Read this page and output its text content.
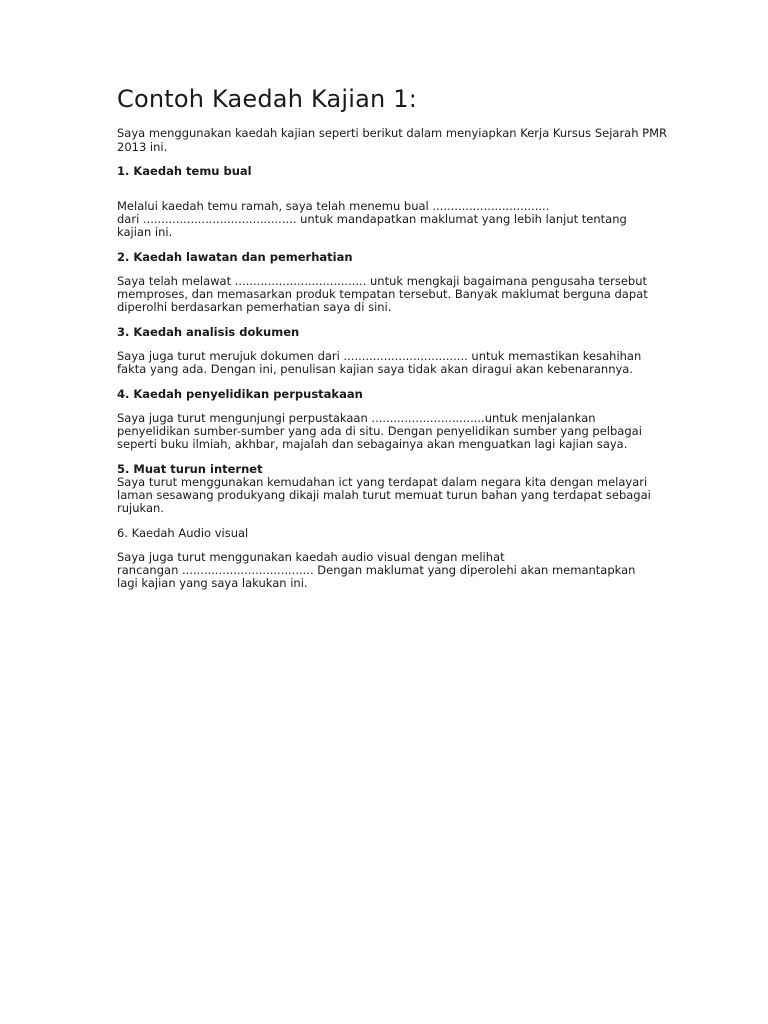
Contoh Kaedah Kajian 1:

Saya menggunakan kaedah kajian seperti berikut dalam menyiapkan Kerja Kursus Sejarah PMR 2013 ini.

1. Kaedah temu bual

Melalui kaedah temu ramah, saya telah menemu bual ................................
dari .......................................... untuk mandapatkan maklumat yang lebih lanjut tentang
kajian ini.

2. Kaedah lawatan dan pemerhatian

Saya telah melawat .................................... untuk mengkaji bagaimana pengusaha tersebut memproses, dan memasarkan produk tempatan tersebut. Banyak maklumat berguna dapat diperolhi berdasarkan pemerhatian saya di sini.

3. Kaedah analisis dokumen

Saya juga turut merujuk dokumen dari .................................. untuk memastikan kesahihan fakta yang ada. Dengan ini, penulisan kajian saya tidak akan diragui akan kebenarannya.

4. Kaedah penyelidikan perpustakaan

Saya juga turut mengunjungi perpustakaan ...............................untuk menjalankan penyelidikan sumber-sumber yang ada di situ. Dengan penyelidikan sumber yang pelbagai seperti buku ilmiah, akhbar, majalah dan sebagainya akan menguatkan lagi kajian saya.

5. Muat turun internet

Saya turut menggunakan kemudahan ict yang terdapat dalam negara kita dengan melayari laman sesawang produkyang dikaji malah turut memuat turun bahan yang terdapat sebagai rujukan.

6. Kaedah Audio visual

Saya juga turut menggunakan kaedah audio visual dengan melihat
rancangan .................................... Dengan maklumat yang diperolehi akan memantapkan
lagi kajian yang saya lakukan ini.
